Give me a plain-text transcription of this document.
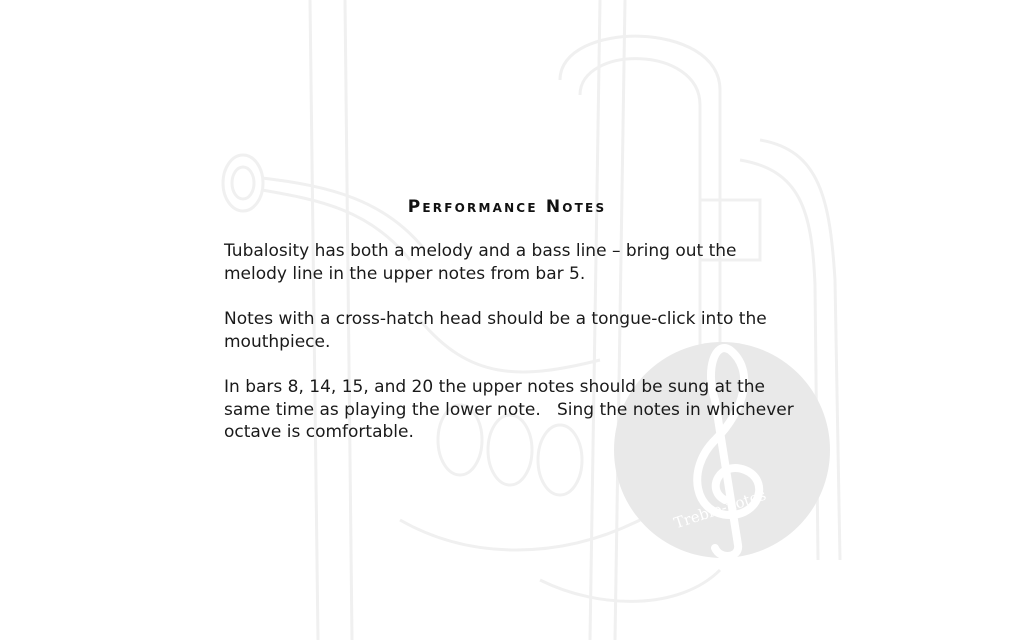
Treble-notes
Performance Notes

Tubalosity has both a melody and a bass line – bring out the melody line in the upper notes from bar 5.

Notes with a cross-hatch head should be a tongue-click into the mouthpiece.

In bars 8, 14, 15, and 20 the upper notes should be sung at the same time as playing the lower note.   Sing the notes in whichever octave is comfortable.
